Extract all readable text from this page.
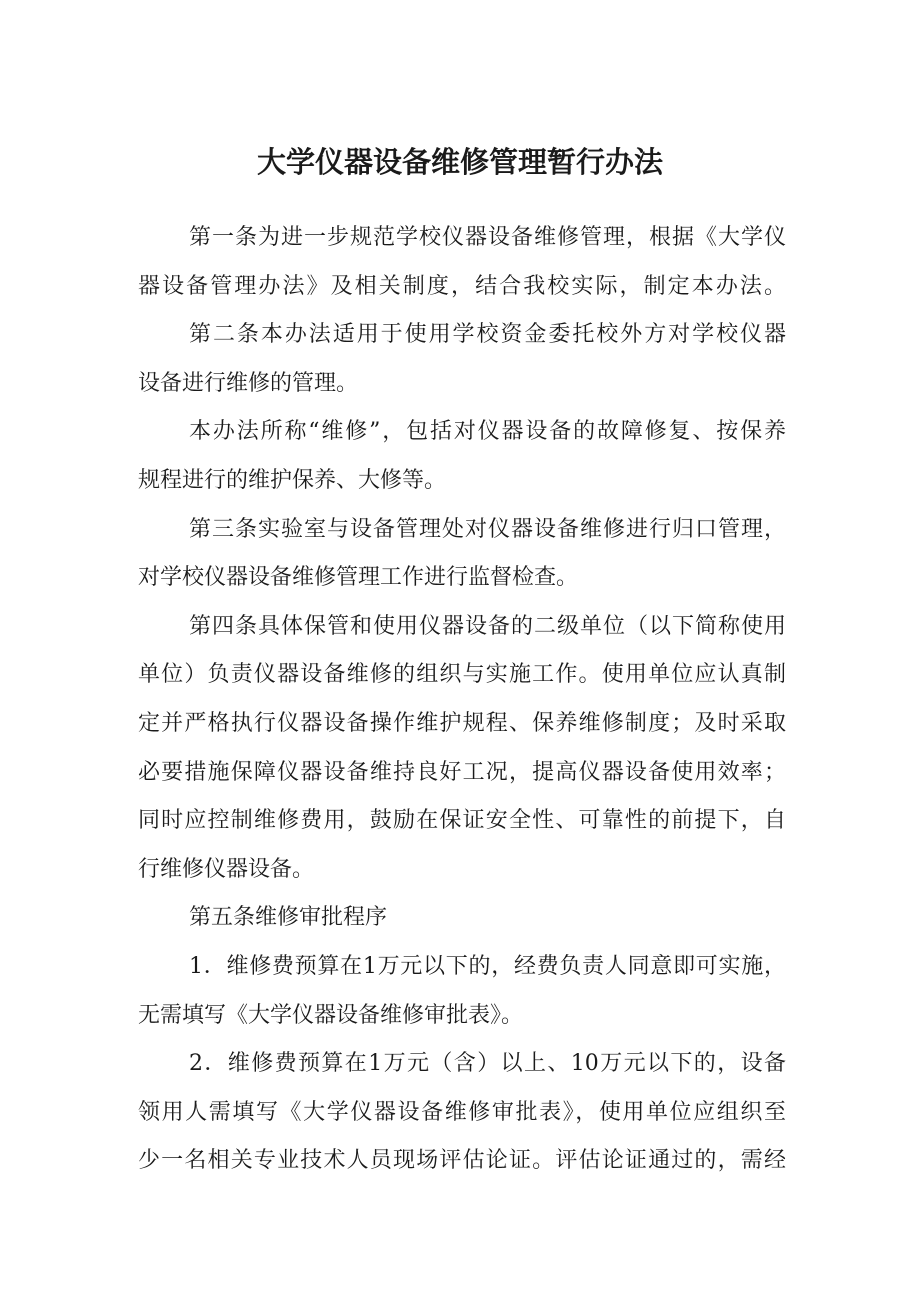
大学仪器设备维修管理暂行办法
第一条为进一步规范学校仪器设备维修管理，根据《大学仪
器设备管理办法》及相关制度，结合我校实际，制定本办法。
第二条本办法适用于使用学校资金委托校外方对学校仪器
设备进行维修的管理。
本办法所称“维修”，包括对仪器设备的故障修复、按保养
规程进行的维护保养、大修等。
第三条实验室与设备管理处对仪器设备维修进行归口管理，
对学校仪器设备维修管理工作进行监督检查。
第四条具体保管和使用仪器设备的二级单位（以下简称使用
单位）负责仪器设备维修的组织与实施工作。使用单位应认真制
定并严格执行仪器设备操作维护规程、保养维修制度；及时采取
必要措施保障仪器设备维持良好工况，提高仪器设备使用效率；
同时应控制维修费用，鼓励在保证安全性、可靠性的前提下，自
行维修仪器设备。
第五条维修审批程序
1．维修费预算在1万元以下的，经费负责人同意即可实施，
无需填写《大学仪器设备维修审批表》。
2．维修费预算在1万元（含）以上、10万元以下的，设备
领用人需填写《大学仪器设备维修审批表》，使用单位应组织至
少一名相关专业技术人员现场评估论证。评估论证通过的，需经
